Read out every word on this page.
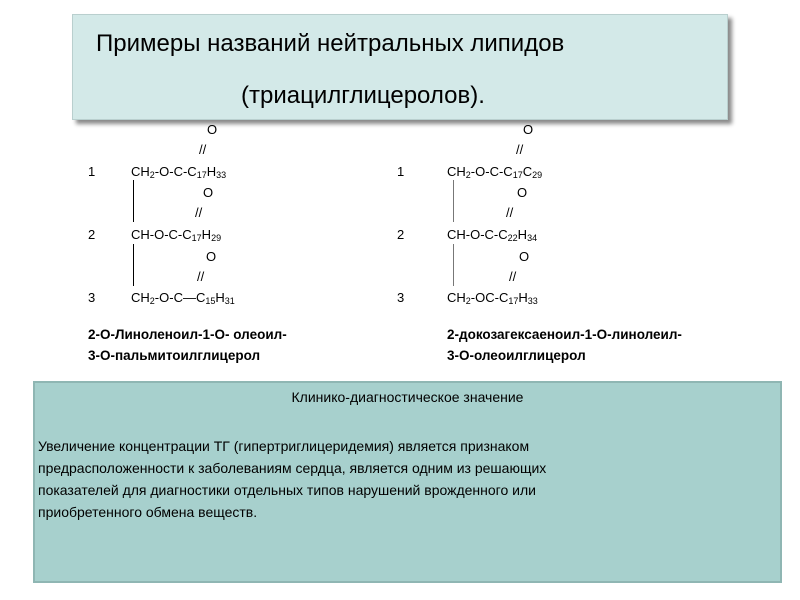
Примеры названий нейтральных липидов
(триацилглицеролов).
O
//
1	$CH_2-O-C-C_{17}H_{33}$
O
//
2	$CH-O-C-C_{17}H_{29}$
O
//
3	$CH_2-O-C—C_{15}H_{31}$
2-О-Линоленоил-1-О- олеоил-
3-О-пальмитоилглицерол
O
//
1	$CH_2-O-C-C_{17}C_{29}$
O
//
2	$CH-O-C-C_{22}H_{34}$
O
//
3	$CH_2-OC-C_{17}H_{33}$
2-докозагексаеноил-1-О-линолеил-
3-О-олеоилглицерол
Клинико-диагностическое значение
Увеличение концентрации ТГ (гипертриглицеридемия) является признаком
предрасположенности к заболеваниям сердца, является одним из решающих
показателей для диагностики отдельных типов нарушений врожденного или
приобретенного обмена веществ.
